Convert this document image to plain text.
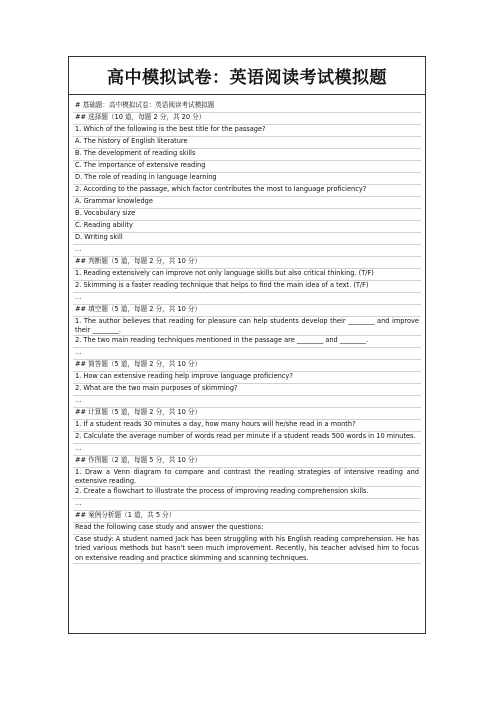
高中模拟试卷：英语阅读考试模拟题

# 基础题：高中模拟试卷：英语阅读考试模拟题

## 选择题（10 道，每题 2 分，共 20 分）

1. Which of the following is the best title for the passage?

A. The history of English literature

B. The development of reading skills

C. The importance of extensive reading

D. The role of reading in language learning

2. According to the passage, which factor contributes the most to language proficiency?

A. Grammar knowledge

B. Vocabulary size

C. Reading ability

D. Writing skill

…

## 判断题（5 道，每题 2 分，共 10 分）

1. Reading extensively can improve not only language skills but also critical thinking. (T/F)

2. Skimming is a faster reading technique that helps to find the main idea of a text. (T/F)

…

## 填空题（5 道，每题 2 分，共 10 分）

1. The author believes that reading for pleasure can help students develop their ________ and improve their ________.

2. The two main reading techniques mentioned in the passage are ________ and ________.

…

## 简答题（5 道，每题 2 分，共 10 分）

1. How can extensive reading help improve language proficiency?

2. What are the two main purposes of skimming?

…

## 计算题（5 道，每题 2 分，共 10 分）

1. If a student reads 30 minutes a day, how many hours will he/she read in a month?

2. Calculate the average number of words read per minute if a student reads 500 words in 10 minutes.

…

## 作图题（2 道，每题 5 分，共 10 分）

1. Draw a Venn diagram to compare and contrast the reading strategies of intensive reading and extensive reading.

2. Create a flowchart to illustrate the process of improving reading comprehension skills.

…

## 案例分析题（1 道，共 5 分）

Read the following case study and answer the questions:

Case study: A student named Jack has been struggling with his English reading comprehension. He has tried various methods but hasn't seen much improvement. Recently, his teacher advised him to focus on extensive reading and practice skimming and scanning techniques.
